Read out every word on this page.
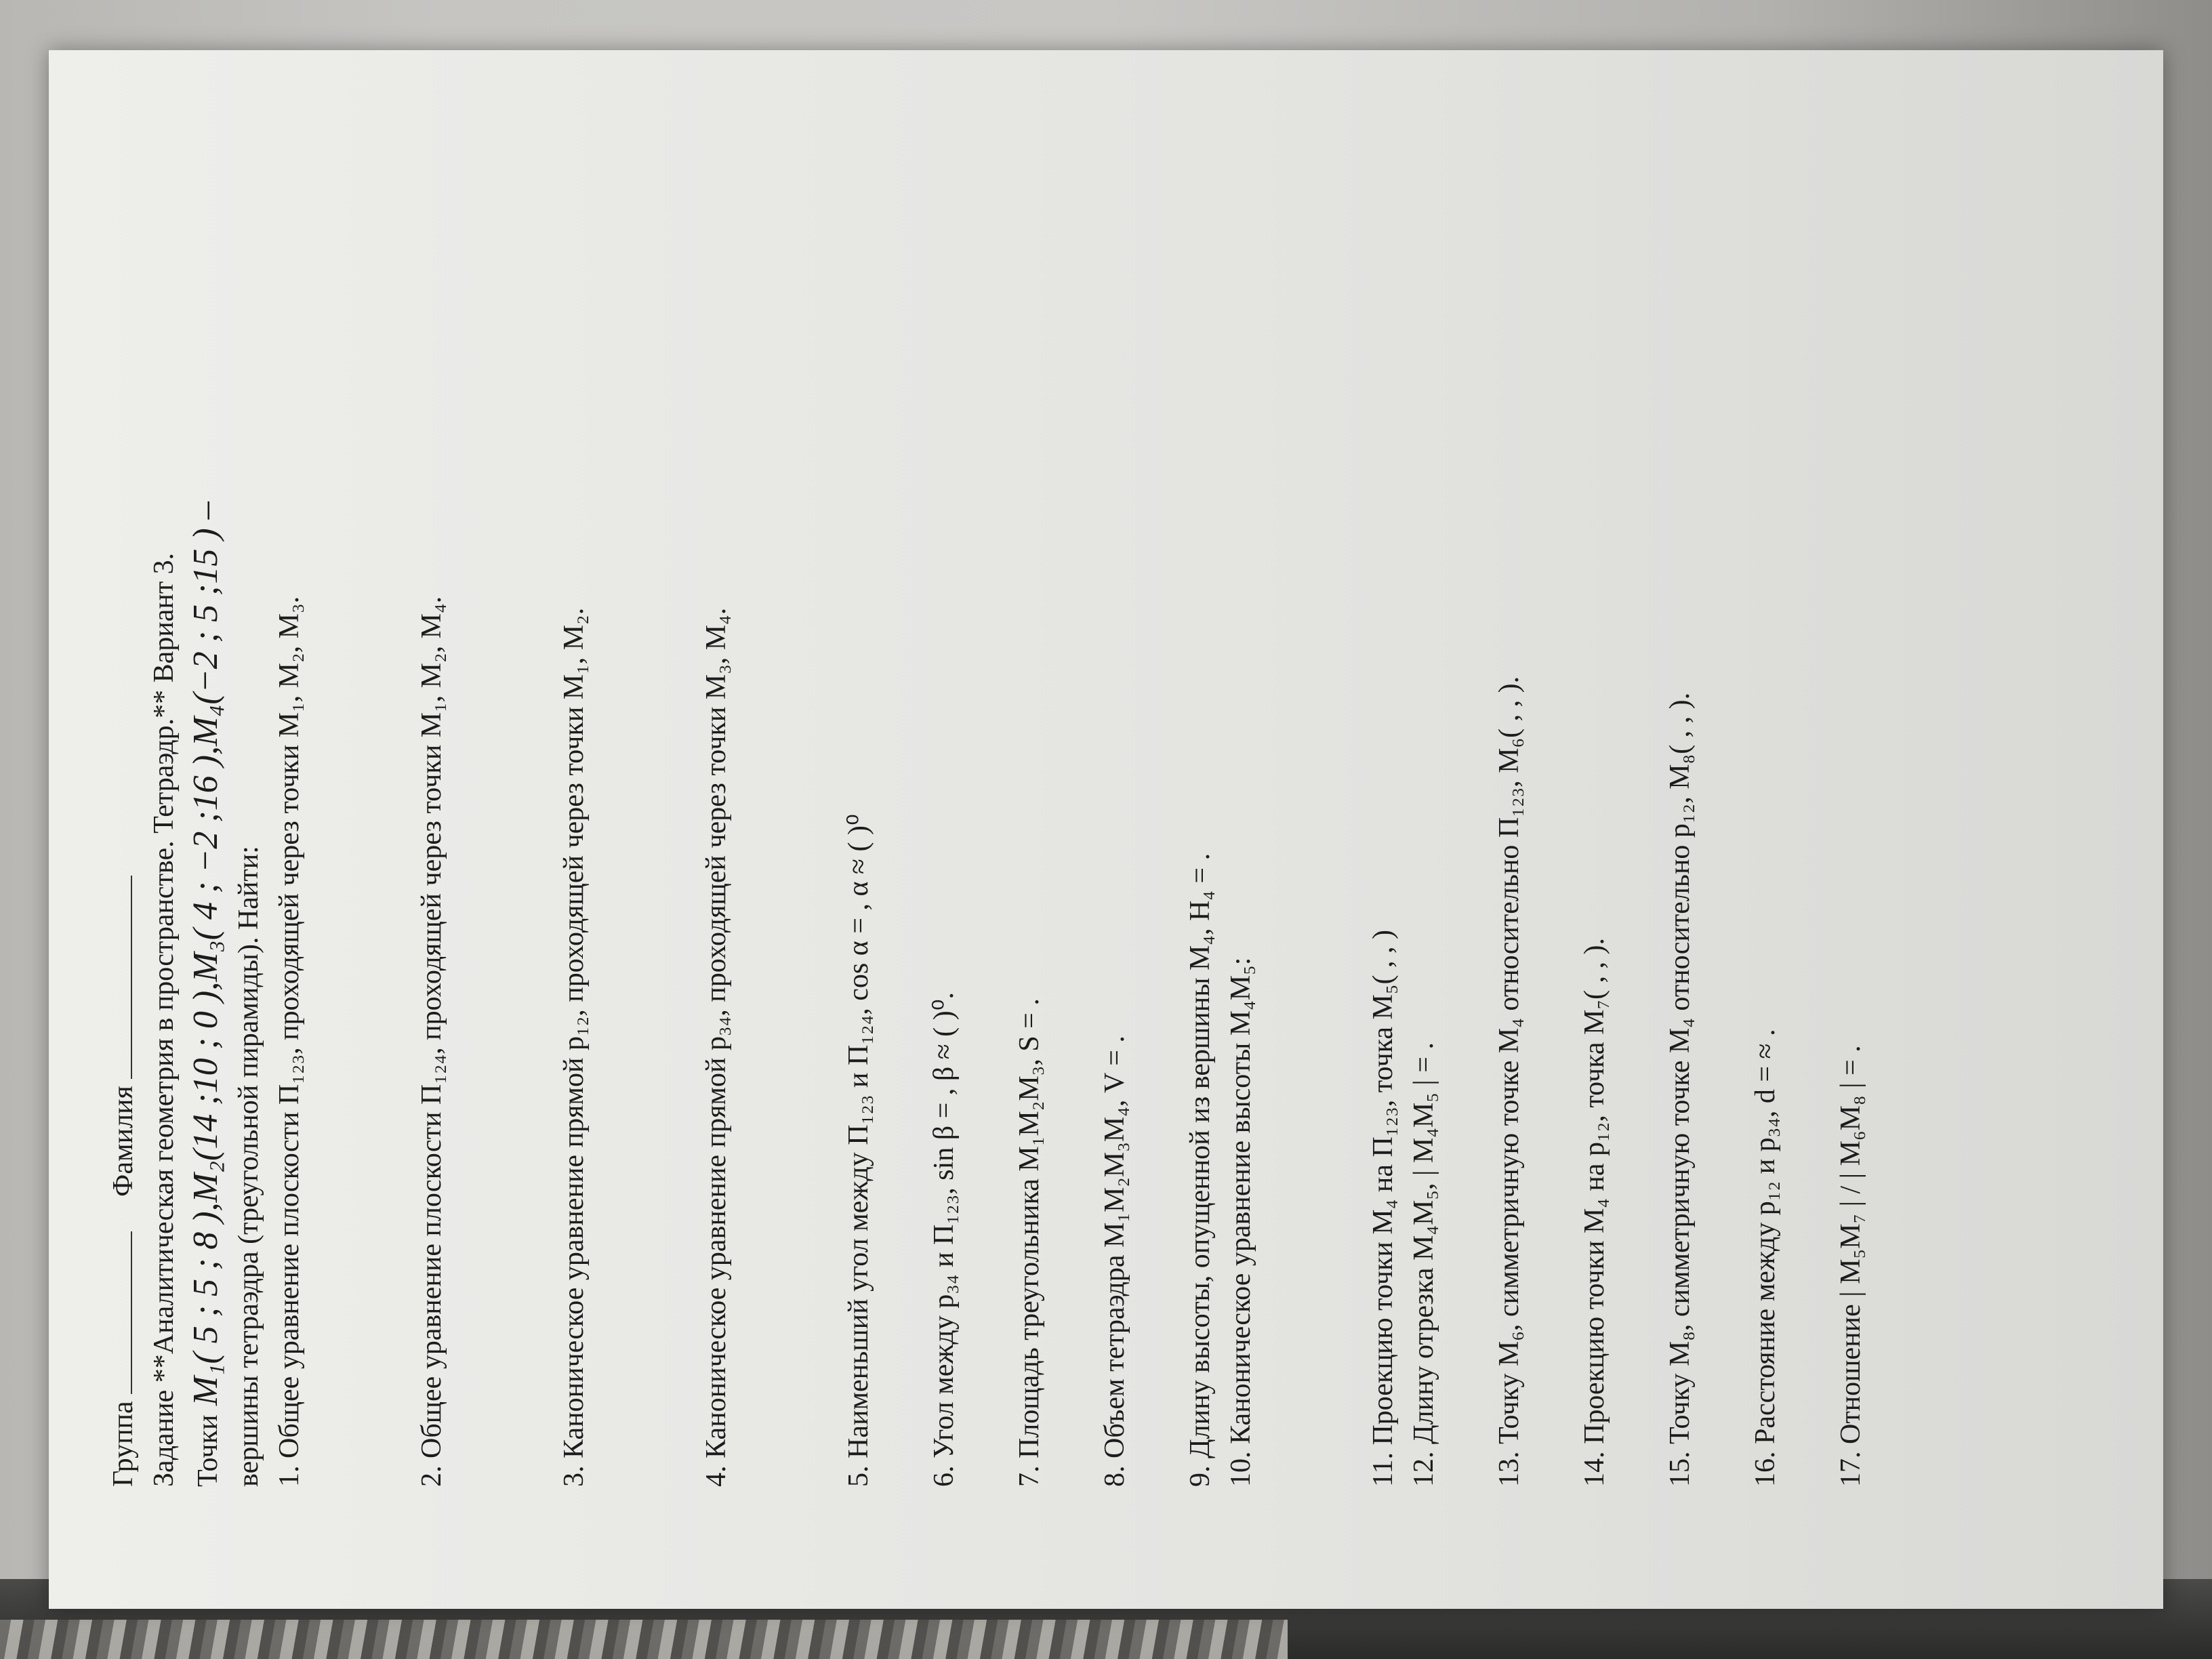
Группа   Фамилия Задание **Аналитическая геометрия в пространстве. Тетраэдр.** Вариант 3. Точки M₁( 5 ; 5 ; 8 ),M₂(14 ;10 ; 0 ),M₃( 4 ; −2 ;16 ),M₄(−2 ; 5 ;15 ) – вершины тетраэдра (треугольной пирамиды). Найти: 1. Общее уравнение плоскости Π₁₂₃, проходящей через точки M₁, M₂, M₃.
2. Общее уравнение плоскости Π₁₂₄, проходящей через точки M₁, M₂, M₄.
3. Каноническое уравнение прямой p₁₂, проходящей через точки M₁, M₂.
4. Каноническое уравнение прямой p₃₄, проходящей через точки M₃, M₄.
5. Наименьший угол между Π₁₂₃ и Π₁₂₄, cos α = , α ≈ ( )⁰
6. Угол между p₃₄ и Π₁₂₃, sin β = , β ≈ ( )⁰.
7. Площадь треугольника M₁M₂M₃, S = .
8. Объем тетраэдра M₁M₂M₃M₄, V = .
9. Длину высоты, опущенной из вершины M₄, H₄ = .
10. Каноническое уравнение высоты M₄M₅:
11. Проекцию точки M₄ на Π₁₂₃, точка M₅( , , )
12. Длину отрезка M₄M₅, | M₄M₅ | = .
13. Точку M₆, симметричную точке M₄ относительно Π₁₂₃, M₆( , , ).
14. Проекцию точки M₄ на p₁₂, точка M₇( , , ).
15. Точку M₈, симметричную точке M₄ относительно p₁₂, M₈( , , ).
16. Расстояние между p₁₂ и p₃₄, d = ≈ .
17. Отношение | M₅M₇ | / | M₆M₈ | = .
